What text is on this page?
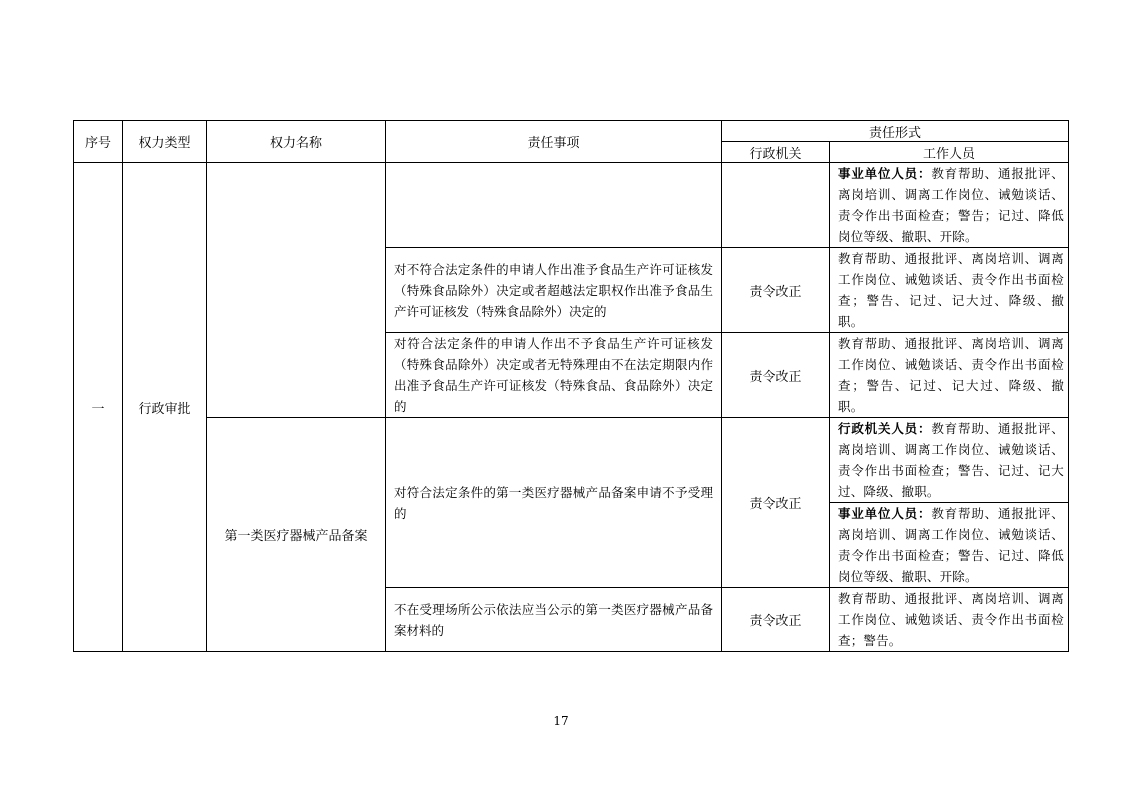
序号	权力类型	权力名称	责任事项	责任形式	
				行政机关	工作人员
一	行政审批				事业单位人员：教育帮助、通报批评、离岗培训、调离工作岗位、诫勉谈话、责令作出书面检查；警告；记过、降低岗位等级、撤职、开除。
			对不符合法定条件的申请人作出准予食品生产许可证核发（特殊食品除外）决定或者超越法定职权作出准予食品生产许可证核发（特殊食品除外）决定的	责令改正	教育帮助、通报批评、离岗培训、调离工作岗位、诫勉谈话、责令作出书面检查；警告、记过、记大过、降级、撤职。
			对符合法定条件的申请人作出不予食品生产许可证核发（特殊食品除外）决定或者无特殊理由不在法定期限内作出准予食品生产许可证核发（特殊食品、食品除外）决定的	责令改正	教育帮助、通报批评、离岗培训、调离工作岗位、诫勉谈话、责令作出书面检查；警告、记过、记大过、降级、撤职。
		第一类医疗器械产品备案	对符合法定条件的第一类医疗器械产品备案申请不予受理的	责令改正	行政机关人员：教育帮助、通报批评、离岗培训、调离工作岗位、诫勉谈话、责令作出书面检查；警告、记过、记大过、降级、撤职。
					事业单位人员：教育帮助、通报批评、离岗培训、调离工作岗位、诫勉谈话、责令作出书面检查；警告、记过、降低岗位等级、撤职、开除。
			不在受理场所公示依法应当公示的第一类医疗器械产品备案材料的	责令改正	教育帮助、通报批评、离岗培训、调离工作岗位、诫勉谈话、责令作出书面检查；警告。
17
